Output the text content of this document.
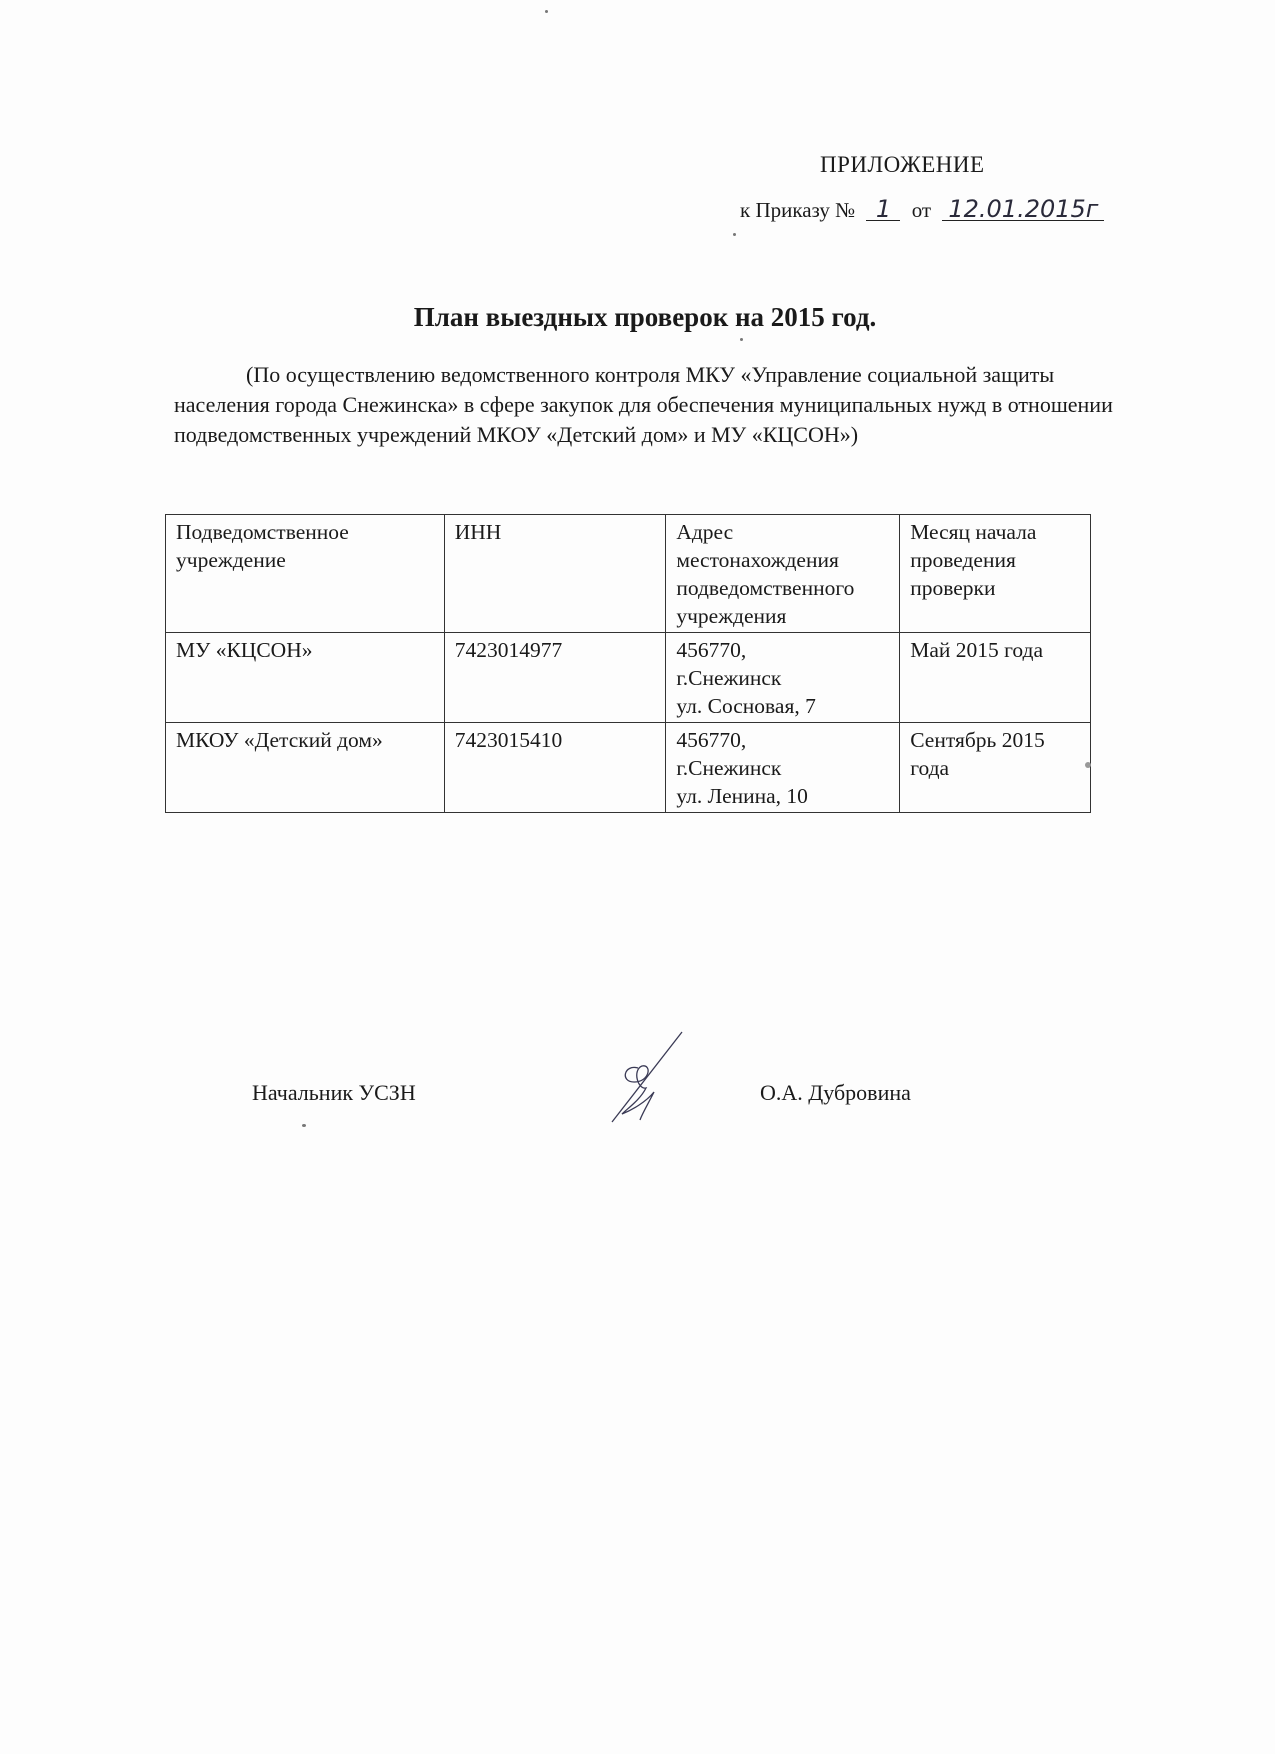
ПРИЛОЖЕНИЕ
к Приказу № 1 от 12.01.2015г
План выездных проверок на 2015 год.
(По осуществлению ведомственного контроля МКУ «Управление социальной защиты населения города Снежинска» в сфере закупок для обеспечения муниципальных нужд в отношении подведомственных учреждений МКОУ «Детский дом» и МУ «КЦСОН»)
Подведомственное учреждение	ИНН	Адрес местонахождения подведомственного учреждения	Месяц начала проведения проверки
МУ «КЦСОН»	7423014977	456770,
г.Снежинск
ул. Сосновая, 7	Май 2015 года
МКОУ «Детский дом»	7423015410	456770,
г.Снежинск
ул. Ленина, 10	Сентябрь 2015 года
Начальник УСЗН	О.А. Дубровина
